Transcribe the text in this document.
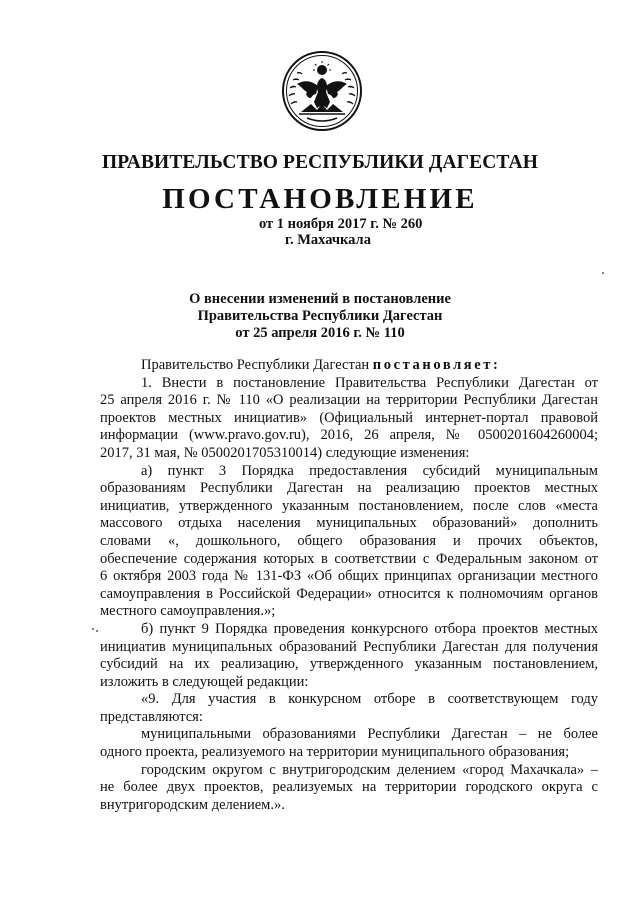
ПРАВИТЕЛЬСТВО РЕСПУБЛИКИ ДАГЕСТАН
ПОСТАНОВЛЕНИЕ
от 1 ноября 2017 г. № 260
г. Махачкала
О внесении изменений в постановление
Правительства Республики Дагестан
от 25 апреля 2016 г. № 110
Правительство Республики Дагестан постановляет:
1. Внести в постановление Правительства Республики Дагестан от
25 апреля 2016 г. № 110 «О реализации на территории Республики Дагестан
проектов местных инициатив» (Официальный интернет-портал правовой
информации (www.pravo.gov.ru), 2016, 26 апреля, № 0500201604260004;
2017, 31 мая, № 0500201705310014) следующие изменения:
а) пункт 3 Порядка предоставления субсидий муниципальным
образованиям Республики Дагестан на реализацию проектов местных
инициатив, утвержденного указанным постановлением, после слов «места
массового отдыха населения муниципальных образований» дополнить
словами «, дошкольного, общего образования и прочих объектов,
обеспечение содержания которых в соответствии с Федеральным законом от
6 октября 2003 года № 131-ФЗ «Об общих принципах организации местного
самоуправления в Российской Федерации» относится к полномочиям органов
местного самоуправления.»;
б) пункт 9 Порядка проведения конкурсного отбора проектов местных
инициатив муниципальных образований Республики Дагестан для получения
субсидий на их реализацию, утвержденного указанным постановлением,
изложить в следующей редакции:
«9. Для участия в конкурсном отборе в соответствующем году
представляются:
муниципальными образованиями Республики Дагестан – не более
одного проекта, реализуемого на территории муниципального образования;
городским округом с внутригородским делением «город Махачкала» –
не более двух проектов, реализуемых на территории городского округа с
внутригородским делением.».
